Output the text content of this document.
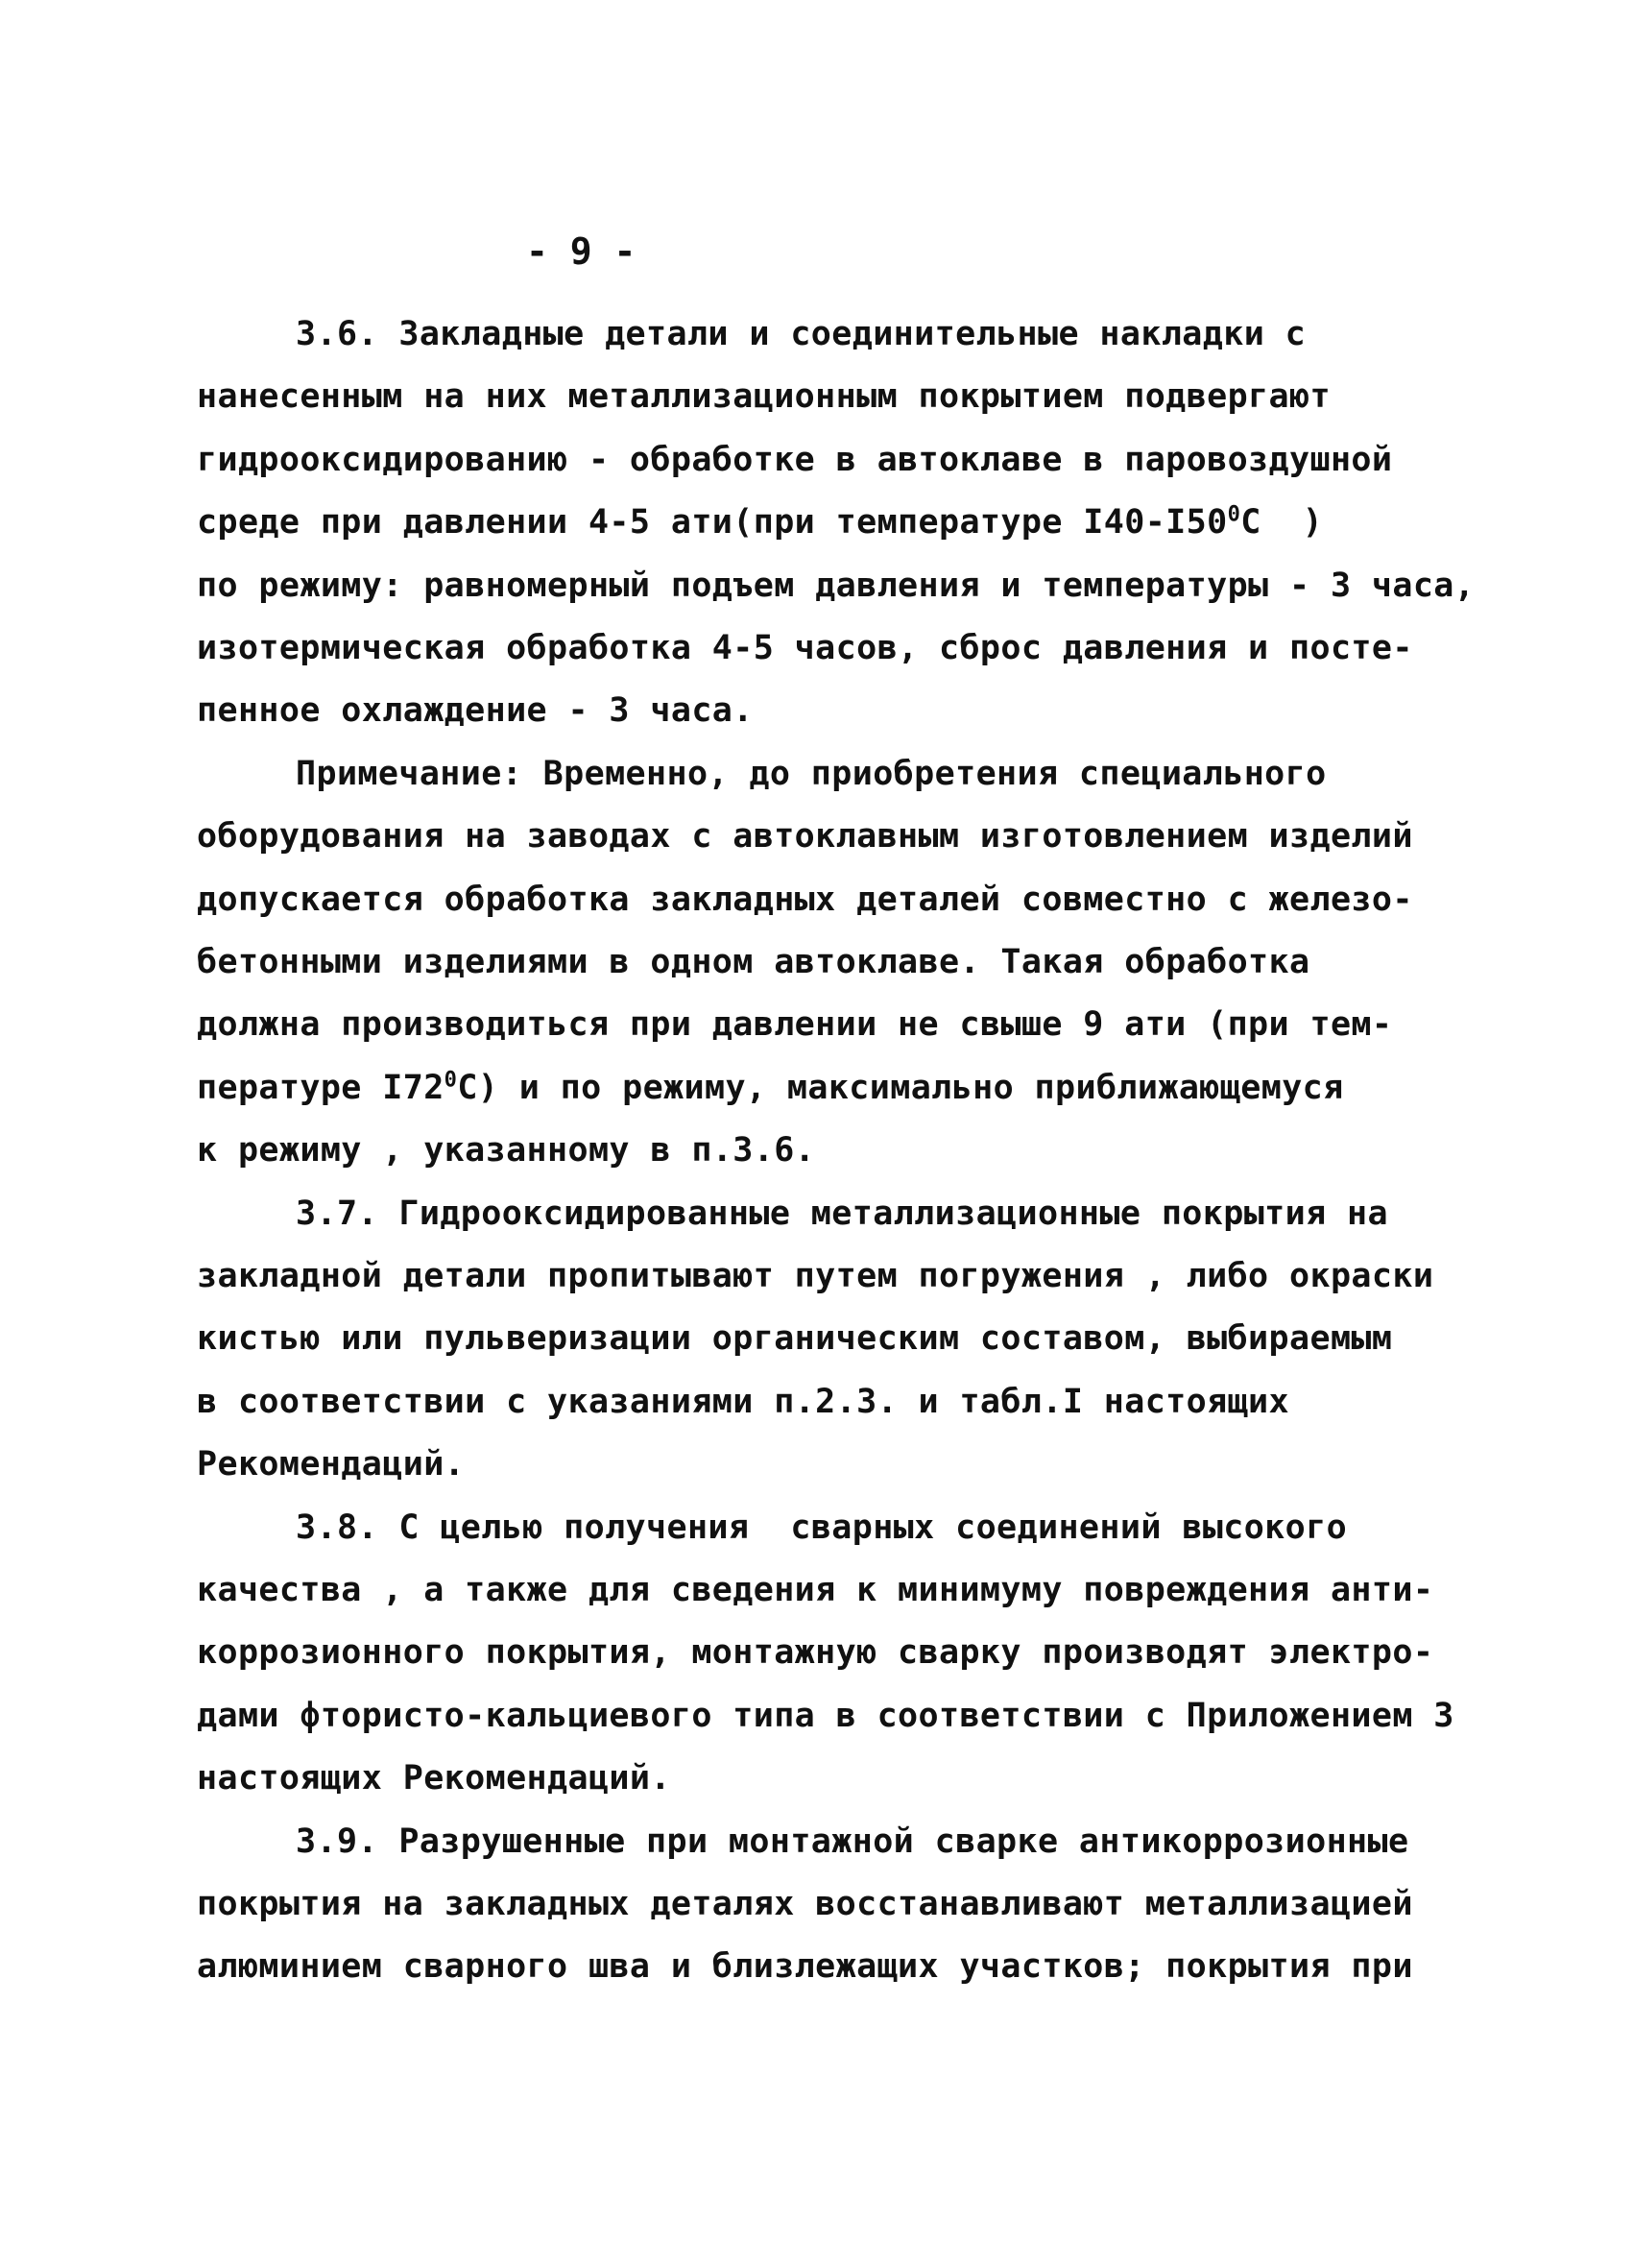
- 9 -
3.6. Закладные детали и соединительные накладки с
нанесенным на них металлизационным покрытием подвергают
гидрооксидированию - обработке в автоклаве в паровоздушной
среде при давлении 4-5 ати(при температуре $I40-I50^0C$  )
по режиму: равномерный подъем давления и температуры - 3 часа,
изотермическая обработка 4-5 часов, сброс давления и посте-
пенное охлаждение - 3 часа.
Примечание: Временно, до приобретения специального
оборудования на заводах с автоклавным изготовлением изделий
допускается обработка закладных деталей совместно с железо-
бетонными изделиями в одном автоклаве. Такая обработка
должна производиться при давлении не свыше 9 ати (при тем-
пературе $I72^0С$) и по режиму, максимально приближающемуся
к режиму , указанному в п.3.6.
3.7. Гидрооксидированные металлизационные покрытия на
закладной детали пропитывают путем погружения , либо окраски
кистью или пульверизации органическим составом, выбираемым
в соответствии с указаниями п.2.3. и табл.I настоящих
Рекомендаций.
3.8. С целью получения  сварных соединений высокого
качества , а также для сведения к минимуму повреждения анти-
коррозионного покрытия, монтажную сварку производят электро-
дами фтористо-кальциевого типа в соответствии с Приложением 3
настоящих Рекомендаций.
3.9. Разрушенные при монтажной сварке антикоррозионные
покрытия на закладных деталях восстанавливают металлизацией
алюминием сварного шва и близлежащих участков; покрытия при
